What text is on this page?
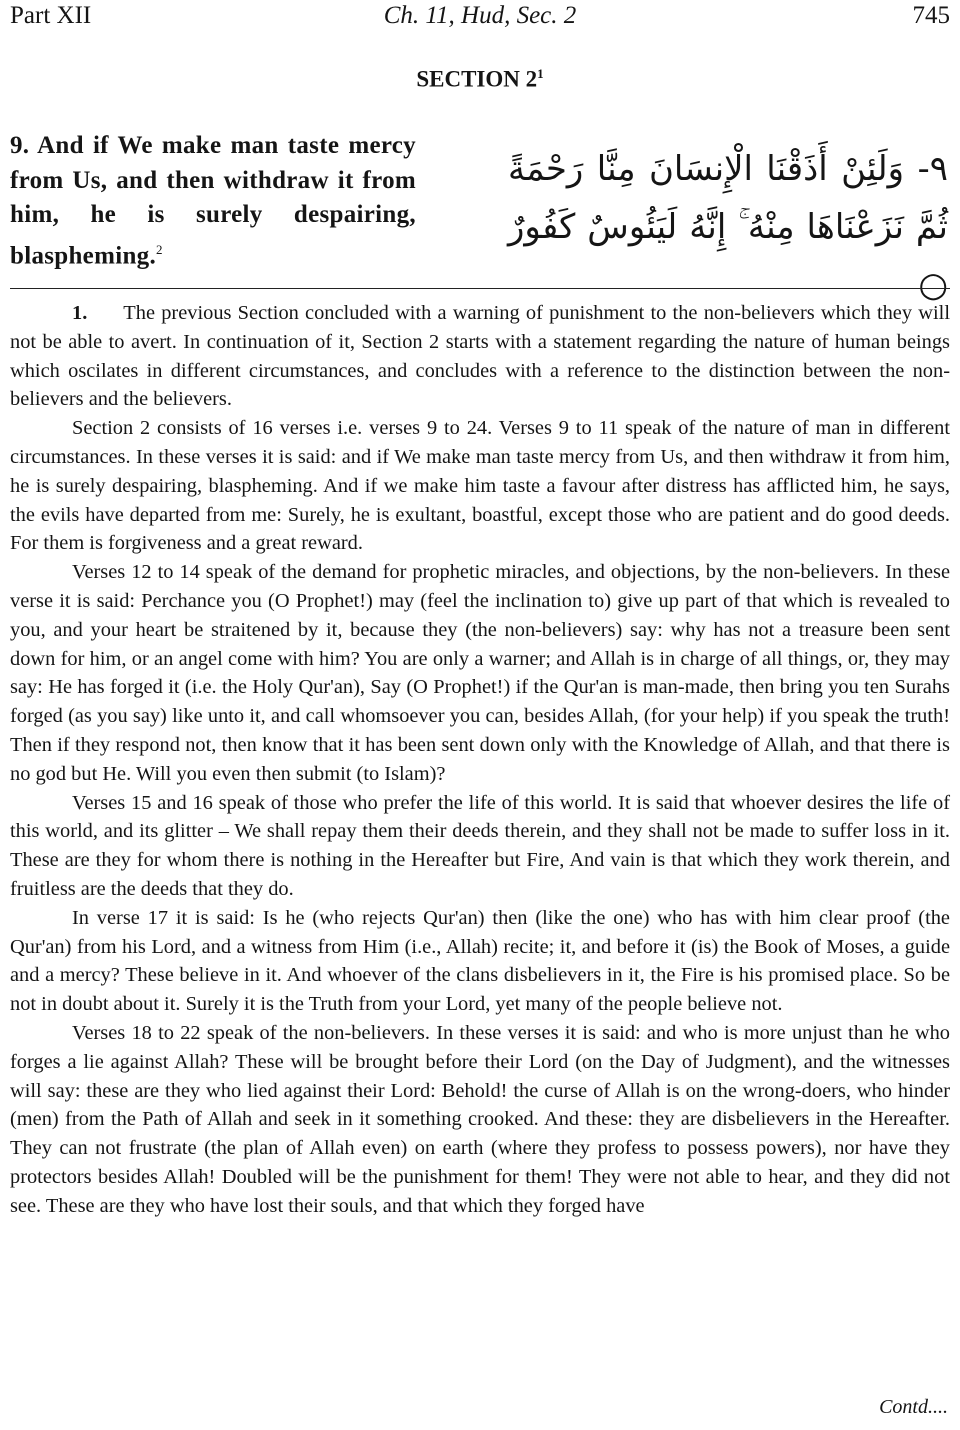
Part XII	Ch. 11, Hud, Sec. 2	745
SECTION $2^1$
9. And if We make man taste mercy from Us, and then withdraw it from him, he is surely despairing, blaspheming.$^2$
٩- وَلَئِنْ أَذَقْنَا الْإِنسَانَ مِنَّا رَحْمَةً ثُمَّ نَزَعْنَاهَا مِنْهُ ۚ إِنَّهُ لَيَئُوسٌ كَفُورٌ ○

1. The previous Section concluded with a warning of punishment to the non-believers which they will not be able to avert. In continuation of it, Section 2 starts with a statement regarding the nature of human beings which oscilates in different circumstances, and concludes with a reference to the distinction between the non-believers and the believers.

Section 2 consists of 16 verses i.e. verses 9 to 24. Verses 9 to 11 speak of the nature of man in different circumstances. In these verses it is said: and if We make man taste mercy from Us, and then withdraw it from him, he is surely despairing, blaspheming. And if we make him taste a favour after distress has afflicted him, he says, the evils have departed from me: Surely, he is exultant, boastful, except those who are patient and do good deeds. For them is forgiveness and a great reward.

Verses 12 to 14 speak of the demand for prophetic miracles, and objections, by the non-believers. In these verse it is said: Perchance you (O Prophet!) may (feel the inclination to) give up part of that which is revealed to you, and your heart be straitened by it, because they (the non-believers) say: why has not a treasure been sent down for him, or an angel come with him? You are only a warner; and Allah is in charge of all things, or, they may say: He has forged it (i.e. the Holy Qur'an), Say (O Prophet!) if the Qur'an is man-made, then bring you ten Surahs forged (as you say) like unto it, and call whomsoever you can, besides Allah, (for your help) if you speak the truth! Then if they respond not, then know that it has been sent down only with the Knowledge of Allah, and that there is no god but He. Will you even then submit (to Islam)?

Verses 15 and 16 speak of those who prefer the life of this world. It is said that whoever desires the life of this world, and its glitter – We shall repay them their deeds therein, and they shall not be made to suffer loss in it. These are they for whom there is nothing in the Hereafter but Fire, And vain is that which they work therein, and fruitless are the deeds that they do.

In verse 17 it is said: Is he (who rejects Qur'an) then (like the one) who has with him clear proof (the Qur'an) from his Lord, and a witness from Him (i.e., Allah) recite; it, and before it (is) the Book of Moses, a guide and a mercy? These believe in it. And whoever of the clans disbelievers in it, the Fire is his promised place. So be not in doubt about it. Surely it is the Truth from your Lord, yet many of the people believe not.

Verses 18 to 22 speak of the non-believers. In these verses it is said: and who is more unjust than he who forges a lie against Allah? These will be brought before their Lord (on the Day of Judgment), and the witnesses will say: these are they who lied against their Lord: Behold! the curse of Allah is on the wrong-doers, who hinder (men) from the Path of Allah and seek in it something crooked. And these: they are disbelievers in the Hereafter. They can not frustrate (the plan of Allah even) on earth (where they profess to possess powers), nor have they protectors besides Allah! Doubled will be the punishment for them! They were not able to hear, and they did not see. These are they who have lost their souls, and that which they forged have

Contd....
